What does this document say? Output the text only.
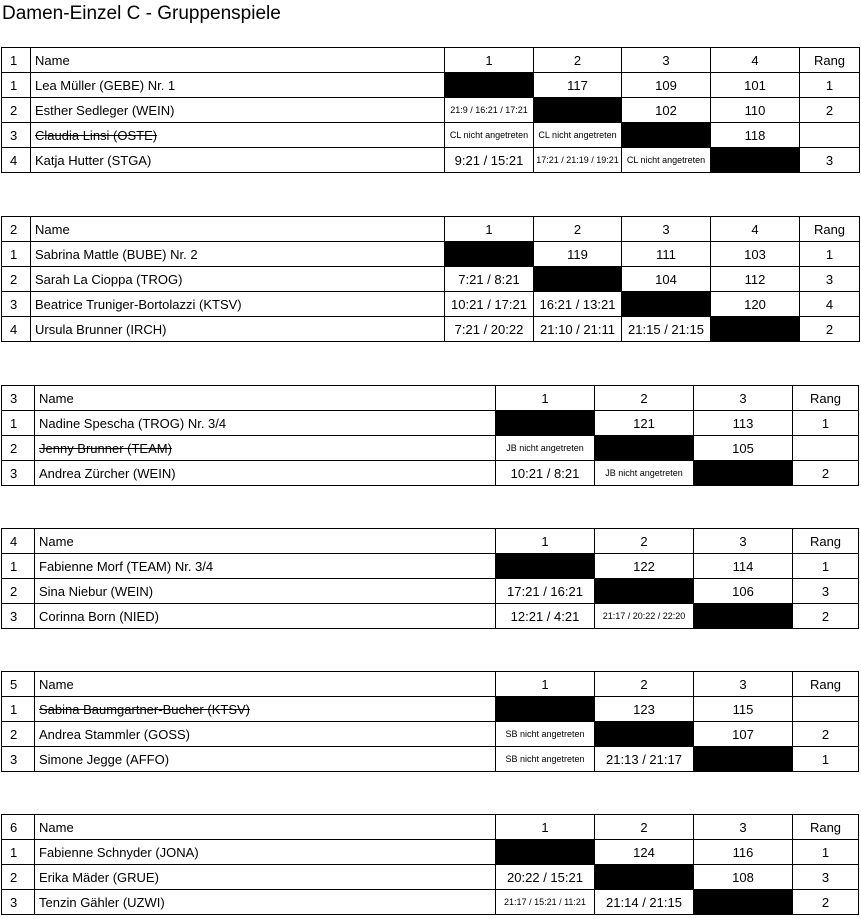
Damen-Einzel C - Gruppenspiele
1	Name	1	2	3	4	Rang
1	Lea Müller (GEBE) Nr. 1		117	109	101	1
2	Esther Sedleger (WEIN)	21:9 / 16:21 / 17:21		102	110	2
3	Claudia Linsi (OSTE)	CL nicht angetreten	CL nicht angetreten		118	
4	Katja Hutter (STGA)	9:21 / 15:21	17:21 / 21:19 / 19:21	CL nicht angetreten		3
2	Name	1	2	3	4	Rang
1	Sabrina Mattle (BUBE) Nr. 2		119	111	103	1
2	Sarah La Cioppa (TROG)	7:21 / 8:21		104	112	3
3	Beatrice Truniger-Bortolazzi (KTSV)	10:21 / 17:21	16:21 / 13:21		120	4
4	Ursula Brunner (IRCH)	7:21 / 20:22	21:10 / 21:11	21:15 / 21:15		2
3	Name	1	2	3	Rang
1	Nadine Spescha (TROG) Nr. 3/4		121	113	1
2	Jenny Brunner (TEAM)	JB nicht angetreten		105	
3	Andrea Zürcher (WEIN)	10:21 / 8:21	JB nicht angetreten		2
4	Name	1	2	3	Rang
1	Fabienne Morf (TEAM) Nr. 3/4		122	114	1
2	Sina Niebur (WEIN)	17:21 / 16:21		106	3
3	Corinna Born (NIED)	12:21 / 4:21	21:17 / 20:22 / 22:20		2
5	Name	1	2	3	Rang
1	Sabina Baumgartner-Bucher (KTSV)		123	115	
2	Andrea Stammler (GOSS)	SB nicht angetreten		107	2
3	Simone Jegge (AFFO)	SB nicht angetreten	21:13 / 21:17		1
6	Name	1	2	3	Rang
1	Fabienne Schnyder (JONA)		124	116	1
2	Erika Mäder (GRUE)	20:22 / 15:21		108	3
3	Tenzin Gähler (UZWI)	21:17 / 15:21 / 11:21	21:14 / 21:15		2
